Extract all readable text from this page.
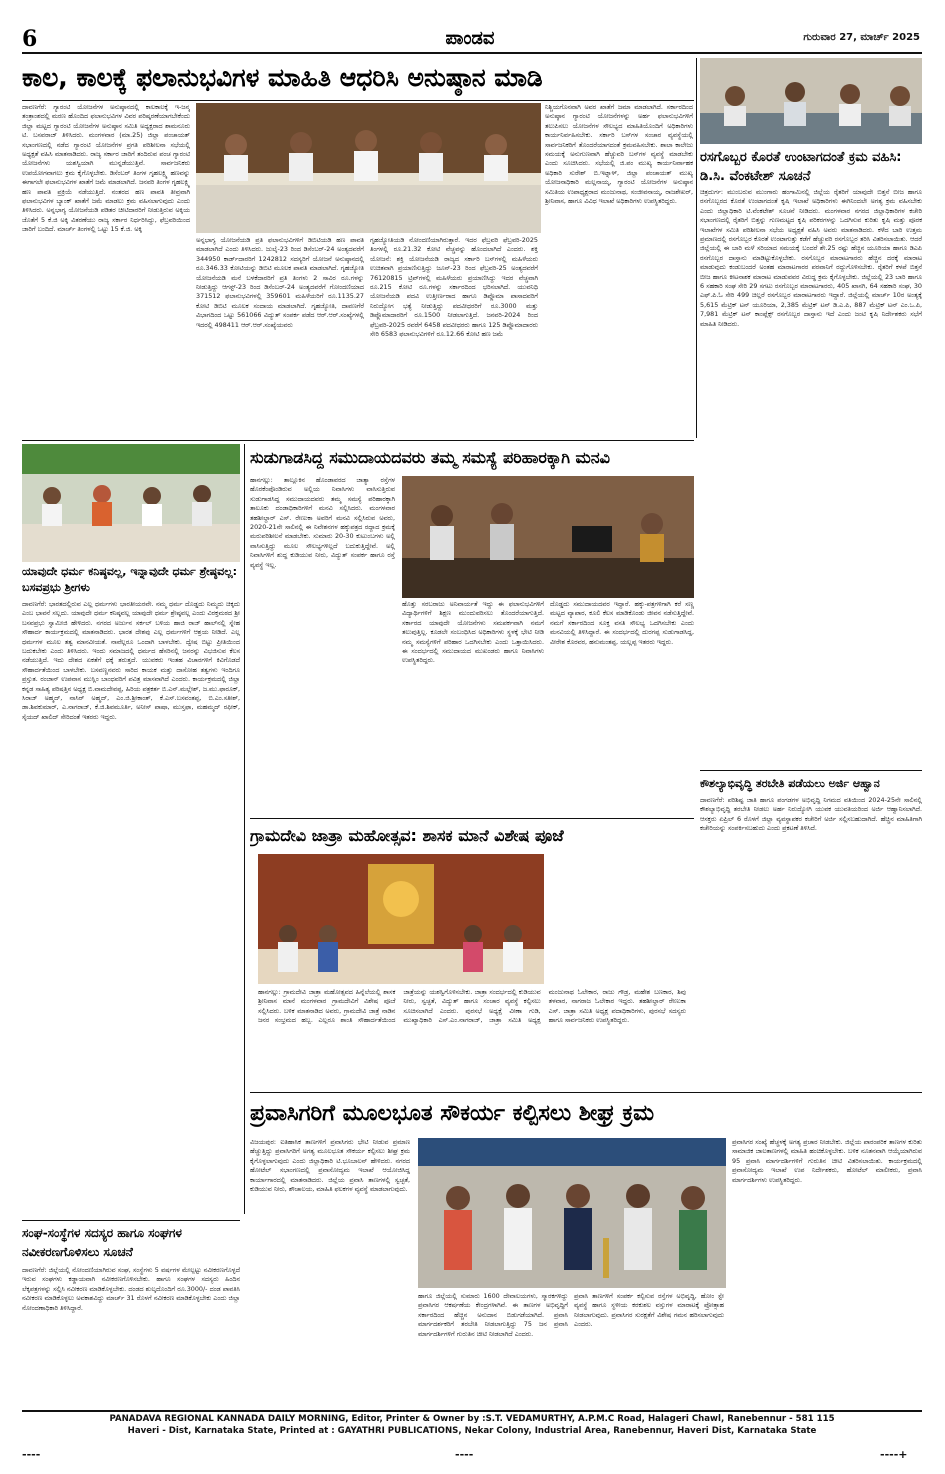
6	ಪಾಂಡವ	ಗುರುವಾರ 27, ಮಾರ್ಚ್ 2025
ಕಾಲ, ಕಾಲಕ್ಕೆ ಫಲಾನುಭವಿಗಳ ಮಾಹಿತಿ ಆಧರಿಸಿ ಅನುಷ್ಠಾನ ಮಾಡಿ
ದಾವಣಗೆರೆ: ಗ್ಯಾರಂಟಿ ಯೋಜನೆಗಳ ಅನುಷ್ಠಾನದಲ್ಲಿ ಕಾಲಕಾಲಕ್ಕೆ ಇ-ಜನ್ಮ ತಂತ್ರಾಂಶದಲ್ಲಿ ಮರಣ ಹೊಂದಿದ ಫಲಾನುಭವಿಗಳ ವಿವರ ಪರಿಷ್ಕರಣೆಯಾಗಬೇಕೆಂದು ಜಿಲ್ಲಾ ಮಟ್ಟದ ಗ್ಯಾರಂಟಿ ಯೋಜನೆಗಳ ಅನುಷ್ಠಾನ ಸಮಿತಿ ಅಧ್ಯಕ್ಷರಾದ ಶಾಮನೂರು ಟಿ. ಬಸವರಾಜ್ ತಿಳಿಸಿದರು. ಮಂಗಳವಾರ (ಮಾ.25) ಜಿಲ್ಲಾ ಪಂಚಾಯತ್ ಸಭಾಂಗಣದಲ್ಲಿ ನಡೆದ ಗ್ಯಾರಂಟಿ ಯೋಜನೆಗಳ ಪ್ರಗತಿ ಪರಿಶೀಲನಾ ಸಭೆಯಲ್ಲಿ ಅಧ್ಯಕ್ಷತೆ ವಹಿಸಿ ಮಾತನಾಡಿದರು. ರಾಜ್ಯ ಸರ್ಕಾರ ಜಾರಿಗೆ ತಂದಿರುವ ಪಂಚ ಗ್ಯಾರಂಟಿ ಯೋಜನೆಗಳು ಯಶಸ್ವಿಯಾಗಿ ಮುನ್ನಡೆಯುತ್ತಿವೆ. ಸಾರ್ವಜನಿಕರು ಉಪಯೋಗವಾಗಲು ಕ್ರಮ ಕೈಗೊಳ್ಳಬೇಕು. ಡಿಸೆಂಬರ್ ತಿಂಗಳ ಗೃಹಲಕ್ಷ್ಮಿ ಹಣವನ್ನು ಈಗಾಗಲೇ ಫಲಾನುಭವಿಗಳ ಖಾತೆಗೆ ಜಮೆ ಮಾಡಲಾಗಿದೆ. ಜನವರಿ ತಿಂಗಳ ಗೃಹಲಕ್ಷ್ಮಿ ಹಣ ಪಾವತಿ ಪ್ರಕ್ರಿಯೆ ನಡೆಯುತ್ತಿದೆ. ನಂತರದ ಹಣ ಪಾವತಿ ತೀವ್ರವಾಗಿ ಫಲಾನುಭವಿಗಳ ಬ್ಯಾಂಕ್ ಖಾತೆಗೆ ಜಮೆ ಮಾಡಲು ಕ್ರಮ ವಹಿಸಲಾಗುವುದು ಎಂದು ತಿಳಿಸಿದರು. ಅನ್ನಭಾಗ್ಯ ಯೋಜನೆಯಡಿ ಪಡಿತರ ಚೀಟಿದಾರರಿಗೆ ನೀಡುತ್ತಿರುವ ಅಕ್ಕಿಯ ಜೊತೆಗೆ 5 ಕೆ.ಜಿ ಅಕ್ಕಿ ವಿತರಣೆಯು ರಾಜ್ಯ ಸರ್ಕಾರ ನಿರ್ಧರಿಸಿದ್ದು, ಫೆಬ್ರವರಿಯಿಂದ ಜಾರಿಗೆ ಬಂದಿದೆ. ಮಾರ್ಚ್ ತಿಂಗಳಲ್ಲಿ ಒಟ್ಟು 15 ಕೆ.ಜಿ. ಅಕ್ಕಿ
ಅನ್ನಭಾಗ್ಯ ಯೋಜನೆಯಡಿ ಪ್ರತಿ ಫಲಾನುಭವಿಗಳಿಗೆ ಡಿಬಿಟಿಯಡಿ ಹಣ ಪಾವತಿ ಮಾಡಲಾಗಿದೆ ಎಂದು ತಿಳಿಸಿದರು. ಜುಲೈ-23 ರಿಂದ ಡಿಸೆಂಬರ್-24 ಅಂತ್ಯದವರೆಗೆ 344950 ಕಾರ್ಡ್‌ದಾರರಿಗೆ 1242812 ಸದಸ್ಯರಿಗೆ ಯೋಜನೆ ಅನುಷ್ಠಾನದಲ್ಲಿ ರೂ.346.33 ಕೋಟಿಯನ್ನು ಡಿಬಿಟಿ ಮೂಲಕ ಪಾವತಿ ಮಾಡಲಾಗಿದೆ. ಗೃಹಜ್ಯೋತಿ ಯೋಜನೆಯಡಿ ಮನೆ ಬಳಕೆದಾರರಿಗೆ ಪ್ರತಿ ತಿಂಗಳು 2 ಸಾವಿರ ರೂ.ಗಳನ್ನು ನೀಡುತ್ತಿದ್ದು ಆಗಸ್ಟ್-23 ರಿಂದ ಡಿಸೆಂಬರ್-24 ಅಂತ್ಯದವರೆಗೆ ಗೋಂದಣಿಯಾದ 371512 ಫಲಾನುಭವಿಗಳಲ್ಲಿ 359601 ಮಹಿಳೆಯರಿಗೆ ರೂ.1135.27 ಕೋಟಿ ಡಿಬಿಟಿ ಮೂಲಕ ಸಂದಾಯ ಮಾಡಲಾಗಿದೆ. ಗೃಹಜ್ಯೋತಿ, ದಾವಣಗೆರೆ ವಿಭಾಗದಿಂದ ಒಟ್ಟು 561066 ವಿದ್ಯುತ್ ಸಂಪರ್ಕ ಪಡೆದ ಆರ್.ಆರ್.ಸಂಖ್ಯೆಗಳಲ್ಲಿ ಇದರಲ್ಲಿ 498411 ಆರ್.ಆರ್.ಸಂಖ್ಯೆಯವರು
ಗೃಹಜ್ಯೋತಿಯಡಿ ನೋಂದಣಿಯಾಗಿರುತ್ತಾರೆ. ಇದರ ಫೆಬ್ರವರಿ ಫೆಬ್ರವರಿ-2025 ತಿಂಗಳಲ್ಲಿ ರೂ.21.32 ಕೋಟಿ ವೆಚ್ಚವನ್ನು ಹೊಂದಲಾಗಿದೆ ಎಂದರು. ಶಕ್ತಿ ಯೋಜನೆ: ಶಕ್ತಿ ಯೋಜನೆಯಡಿ ರಾಜ್ಯದ ಸರ್ಕಾರಿ ಬಸ್‌ಗಳಲ್ಲಿ ಮಹಿಳೆಯರು ಉಚಿತವಾಗಿ ಪ್ರಯಾಣಿಸುತ್ತಿದ್ದು ಜೂನ್-23 ರಿಂದ ಫೆಬ್ರವರಿ-25 ಅಂತ್ಯದವರೆಗೆ 76120815 ಟ್ರಿಪ್‌ಗಳಲ್ಲಿ ಮಹಿಳೆಯರು ಪ್ರಯಾಣಿಸಿದ್ದು ಇದರ ವೆಚ್ಚವಾಗಿ ರೂ.215 ಕೋಟಿ ರೂ.ಗಳನ್ನು ಸರ್ಕಾರದಿಂದ ಭರಿಸಲಾಗಿದೆ. ಯುವನಿಧಿ ಯೋಜನೆಯಡಿ ಪದವಿ ಉತ್ತೀರ್ಣರಾದ ಹಾಗೂ ಡಿಪ್ಲೊಮಾ ಪಾಸಾದವರಿಗೆ ನಿರುದ್ಯೋಗ ಭತ್ಯೆ ನೀಡುತ್ತಿದ್ದು ಪದವೀಧರರಿಗೆ ರೂ.3000 ಮತ್ತು ಡಿಪ್ಲೊಮಾದಾರರಿಗೆ ರೂ.1500 ನೀಡಲಾಗುತ್ತಿದೆ. ಜನವರಿ-2024 ರಿಂದ ಫೆಬ್ರವರಿ-2025 ರವರೆಗೆ 6458 ಪದವೀಧರರು ಹಾಗೂ 125 ಡಿಪ್ಲೊಮಾದಾರರು ಸೇರಿ 6583 ಫಲಾನುಭವಿಗಳಿಗೆ ರೂ.12.66 ಕೋಟಿ ಹಣ ಜಮೆ
ನಿಶ್ಚಿಯಗೊನವಾಗಿ ಅವರ ಖಾತೆಗೆ ಜಮಾ ಮಾಡಲಾಗಿದೆ. ಸರ್ಕಾರದಿಂದ ಅನುಷ್ಠಾನ ಗ್ಯಾರಂಟಿ ಯೋಜನೆಗಳನ್ನು ಅರ್ಹ ಫಲಾನುಭವಿಗಳಿಗೆ ತಲುಪಿಸಲು ಯೋಜನೆಗಳ ಸೌಲಭ್ಯದ ಮಾಹಿತಿಯೊಂದಿಗೆ ಅಧಿಕಾರಿಗಳು ಕಾರ್ಯನಿರ್ವಹಿಸಬೇಕು. ಸರ್ಕಾರಿ ಬಸ್‌ಗಳ ಸಂಚಾರ ವ್ಯವಸ್ಥೆಯಲ್ಲಿ ಸಾರ್ವಜನಿಕರಿಗೆ ತೊಂದರೆಯಾಗದಂತೆ ಕ್ರಮವಹಿಸಬೇಕು. ಶಾಲಾ ಕಾಲೇಜು ಸಮಯಕ್ಕೆ ಅನುಗುಣವಾಗಿ ಹೆಚ್ಚುವರಿ ಬಸ್‌ಗಳ ವ್ಯವಸ್ಥೆ ಮಾಡಬೇಕು ಎಂದು ಸೂಚಿಸಿದರು. ಸಭೆಯಲ್ಲಿ ಜಿ.ಪಂ ಮುಖ್ಯ ಕಾರ್ಯನಿರ್ವಾಹಕ ಅಧಿಕಾರಿ ಸುರೇಶ್ ಬಿ.ಇಟ್ನಾಳ್, ಜಿಲ್ಲಾ ಪಂಚಾಯತ್ ಮುಖ್ಯ ಯೋಜನಾಧಿಕಾರಿ ಮಲ್ಲನಾಯ್ಕ, ಗ್ಯಾರಂಟಿ ಯೋಜನೆಗಳ ಅನುಷ್ಠಾನ ಸಮಿತಿಯ ಉಪಾಧ್ಯಕ್ಷರಾದ ಮಂಜುನಾಥ, ಸಂಜೀವನಾಯ್ಕ, ರಾಜಶೇಖರ್, ಶ್ರೀನಿವಾಸ, ಹಾಗೂ ವಿವಿಧ ಇಲಾಖೆ ಅಧಿಕಾರಿಗಳು ಉಪಸ್ಥಿತರಿದ್ದರು.
ರಸಗೊಬ್ಬರ ಕೊರತೆ ಉಂಟಾಗದಂತೆ ಕ್ರಮ ವಹಿಸಿ: ಡಿ.ಸಿ. ವೆಂಕಟೇಶ್ ಸೂಚನೆ
ಚಿತ್ರದುರ್ಗ: ಮುಂಬರುವ ಮುಂಗಾರು ಹಂಗಾಮಿನಲ್ಲಿ ಜಿಲ್ಲೆಯ ರೈತರಿಗೆ ಯಾವುದೇ ಬಿತ್ತನೆ ಬೀಜ ಹಾಗೂ ರಸಗೊಬ್ಬರದ ಕೊರತೆ ಉಂಟಾಗದಂತೆ ಕೃಷಿ ಇಲಾಖೆ ಅಧಿಕಾರಿಗಳು ಈಗಿನಿಂದಲೇ ಅಗತ್ಯ ಕ್ರಮ ವಹಿಸಬೇಕು ಎಂದು ಜಿಲ್ಲಾಧಿಕಾರಿ ಟಿ.ವೆಂಕಟೇಶ್ ಸೂಚನೆ ನೀಡಿದರು. ಮಂಗಳವಾರ ನಗರದ ಜಿಲ್ಲಾಧಿಕಾರಿಗಳ ಕಚೇರಿ ಸಭಾಂಗಣದಲ್ಲಿ ರೈತರಿಗೆ ಬಿತ್ತನ್ನು ಗುಣಮಟ್ಟದ ಕೃಷಿ ಪರಿಕರಗಳನ್ನು ಒದಗಿಸುವ ಕುರಿತು ಕೃಷಿ ಮತ್ತು ಪೂರಕ ಇಲಾಖೆಗಳ ಸಮಿತಿ ಪರಿಶೀಲನಾ ಸಭೆಯ ಅಧ್ಯಕ್ಷತೆ ವಹಿಸಿ ಅವರು ಮಾತನಾಡಿದರು. ಕಳೆದ ಬಾರಿ ಉತ್ತಮ ಪ್ರಮಾಣದಲ್ಲಿ ರಸಗೊಬ್ಬರ ಕೊರತೆ ಉಂಟಾಗುತ್ತು ಕಡೆಗೆ ಹೆಚ್ಚುವರಿ ರಸಗೊಬ್ಬರ ತರಿಸಿ ವಿತರಿಸಲಾಯಿತು. ಆದರೆ ಜಿಲ್ಲೆಯಲ್ಲಿ ಈ ಬಾರಿ ಮಳೆ ಸರಿಯಾದ ಸಮಯಕ್ಕೆ ಬಂದರೆ ಶೇ.25 ರಷ್ಟು ಹೆಚ್ಚಿನ ಯೂರಿಯಾ ಹಾಗೂ ಡಿಎಪಿ ರಸಗೊಬ್ಬರ ದಾಸ್ತಾನು ಮಾಡಿಟ್ಟುಕೊಳ್ಳಬೇಕು. ರಸಗೊಬ್ಬರ ಮಾರಾಟಗಾರರು ಹೆಚ್ಚಿನ ದರಕ್ಕೆ ಮಾರಾಟ ಮಾಡುವುದು ಕಂಡುಬಂದರೆ ಅಂತಹ ಮಾರಾಟಗಾರರ ಪರವಾನಿಗೆ ರದ್ದುಗೊಳಿಸಬೇಕು. ರೈತರಿಗೆ ಕಳಪೆ ಬಿತ್ತನೆ ಬೀಜ ಹಾಗೂ ಕೀಟನಾಶಕ ಮಾರಾಟ ಮಾಡುವವರ ವಿರುದ್ಧ ಕ್ರಮ ಕೈಗೊಳ್ಳಬೇಕು. ಜಿಲ್ಲೆಯಲ್ಲಿ 23 ಬಾರಿ ಹಾಗೂ 6 ಸಹಕಾರಿ ಸಂಘ ಸೇರಿ 29 ಸಗಟು ರಸಗೊಬ್ಬರ ಮಾರಾಟಗಾರರು, 405 ಖಾಸಗಿ, 64 ಸಹಕಾರಿ ಸಂಘ, 30 ಎಫ್.ಪಿ.ಓ ಸೇರಿ 499 ಚಿಲ್ಲರೆ ರಸಗೊಬ್ಬರ ಮಾರಾಟಗಾರರು ಇದ್ದಾರೆ. ಜಿಲ್ಲೆಯಲ್ಲಿ ಮಾರ್ಚ್ 10ರ ಅಂತ್ಯಕ್ಕೆ 5,615 ಮೆಟ್ರಿಕ್ ಟನ್ ಯೂರಿಯಾ, 2,385 ಮೆಟ್ರಿಕ್ ಟನ್ ಡಿ.ಎ.ಪಿ, 887 ಮೆಟ್ರಿಕ್ ಟನ್ ಎಂ.ಒ.ಪಿ, 7,981 ಮೆಟ್ರಿಕ್ ಟನ್ ಕಾಂಪ್ಲೆಕ್ಸ್ ರಸಗೊಬ್ಬರ ದಾಸ್ತಾನು ಇದೆ ಎಂದು ಜಂಟಿ ಕೃಷಿ ನಿರ್ದೇಶಕರು ಸಭೆಗೆ ಮಾಹಿತಿ ನೀಡಿದರು.
ಯಾವುದೇ ಧರ್ಮ ಕನಿಷ್ಠವಲ್ಲ, ಇನ್ನಾವುದೇ ಧರ್ಮ ಶ್ರೇಷ್ಠವಲ್ಲ: ಬಸವಪ್ರಭು ಶ್ರೀಗಳು
ದಾವಣಗೆರೆ: ಭಾರತದಲ್ಲಿರುವ ಎಲ್ಲ ಧರ್ಮಗಳು ಭಾರತೀಯರವೇ. ನಮ್ಮ ಧರ್ಮ ದೊಡ್ಡದು ನಿಮ್ಮದು ಚಿಕ್ಕದು ಎಂಬ ಭಾವನೆ ಸಲ್ಲದು. ಯಾವುದೇ ಧರ್ಮ ಕನಿಷ್ಠವಲ್ಲ ಯಾವುದೇ ಧರ್ಮ ಶ್ರೇಷ್ಠವಲ್ಲ ಎಂದು ವಿರಕ್ತಮಠದ ಶ್ರೀ ಬಸವಪ್ರಭು ಸ್ವಾಮೀಜಿ ಹೇಳಿದರು. ನಗರದ ಅರ್ಜುನ ಸರ್ಕಲ್ ಬಳಿಯ ಹಾಜಿ ರಾಜ್ ಹಾಲ್‌ನಲ್ಲಿ ಸ್ನೇಹ ಸೌಹಾರ್ದ ಕಾರ್ಯಕ್ರಮದಲ್ಲಿ ಮಾತನಾಡಿದರು. ಭಾರತ ದೇಶವು ಎಲ್ಲ ಧರ್ಮಗಳಿಗೆ ಆಶ್ರಯ ನೀಡಿದೆ. ಎಲ್ಲ ಧರ್ಮಗಳ ಮೂಲ ತತ್ವ ಮಾನವೀಯತೆ. ನಾವೆಲ್ಲರೂ ಒಂದಾಗಿ ಬಾಳಬೇಕು. ದ್ವೇಷ ಬಿಟ್ಟು ಪ್ರೀತಿಯಿಂದ ಬದುಕಬೇಕು ಎಂದು ತಿಳಿಸಿದರು. ಇಂದು ಸಮಾಜದಲ್ಲಿ ಧರ್ಮದ ಹೆಸರಿನಲ್ಲಿ ಜನರನ್ನು ವಿಭಜಿಸುವ ಕೆಲಸ ನಡೆಯುತ್ತಿದೆ. ಇದು ದೇಶದ ಏಕತೆಗೆ ಧಕ್ಕೆ ತರುತ್ತದೆ. ಯುವಕರು ಇಂತಹ ವಿಚಾರಗಳಿಗೆ ಕಿವಿಗೊಡದೆ ಸೌಹಾರ್ದತೆಯಿಂದ ಬಾಳಬೇಕು. ಬಸವಣ್ಣನವರು ಸಾರಿದ ಕಾಯಕ ಮತ್ತು ದಾಸೋಹ ತತ್ವಗಳು ಇಂದಿಗೂ ಪ್ರಸ್ತುತ. ರಂಜಾನ್ ಉಪವಾಸ ಮುಸ್ಲಿಂ ಬಾಂಧವರಿಗೆ ಪವಿತ್ರ ಮಾಸವಾಗಿದೆ ಎಂದರು. ಕಾರ್ಯಕ್ರಮದಲ್ಲಿ ಜಿಲ್ಲಾ ಕನ್ನಡ ಸಾಹಿತ್ಯ ಪರಿಷತ್ತಿನ ಅಧ್ಯಕ್ಷ ಬಿ.ವಾಮದೇವಪ್ಪ, ಹಿರಿಯ ಪತ್ರಕರ್ತ ಬಿ.ಎನ್.ಮಲ್ಲೇಶ್, ಜ.ಮು.ಫಾರೂಕ್, ಸಿರಾಜ್ ಅಹ್ಮದ್, ನಾಸಿರ್ ಅಹ್ಮದ್, ಎಂ.ಜಿ.ಶ್ರೀಕಾಂತ್, ಕೆ.ಎಸ್.ಬಸವಂತಪ್ಪ, ಬಿ.ಎಂ.ಸತೀಶ್, ಡಾ.ಶಿವಕುಮಾರ್, ಎ.ನಾಗರಾಜ್, ಕೆ.ಜಿ.ಶಿವಮೂರ್ತಿ, ಅನೀಸ್ ಪಾಷಾ, ಮುಸ್ತಫಾ, ಮಹಮ್ಮದ್ ರಫೀಕ್, ಸೈಯದ್ ಖಾಲಿದ್ ಸೇರಿದಂತೆ ಇತರರು ಇದ್ದರು.
ಸುಡುಗಾಡಸಿದ್ದ ಸಮುದಾಯದವರು ತಮ್ಮ ಸಮಸ್ಯೆ ಪರಿಹಾರಕ್ಕಾಗಿ ಮನವಿ
ಹಾನಗಲ್ಲು: ತಾಲ್ಲೂಕಿನ ಹೊಂಡಾವರದ ಜಾತ್ಯಾ ರಸ್ತೆಗಳ ಹೊರಕೆಂಪೊಂಡಿರುವ ಅಲ್ಲಿಯ ನಿವಾಸಿಗಳು ವಾಸಿಸುತ್ತಿರುವ ಸುಡುಗಾಡಸಿದ್ದ ಸಮುದಾಯದವರು ತಮ್ಮ ಸಮಸ್ಯೆ ಪರಿಹಾರಕ್ಕಾಗಿ ತಾಲೂಕು ದಂಡಾಧಿಕಾರಿಗಳಿಗೆ ಮನವಿ ಸಲ್ಲಿಸಿದರು. ಮಂಗಳವಾರ ತಹಶೀಲ್ದಾರ್ ಎಸ್. ರೇಣುಕಾ ಅವರಿಗೆ ಮನವಿ ಸಲ್ಲಿಸಿರುವ ಅವರು, 2020-21ನೇ ಸಾಲಿನಲ್ಲಿ ಈ ನಿವೇಶನಗಳ ಹಕ್ಕುಪತ್ರದ ರದ್ದಾದ ಕ್ರಮಕ್ಕೆ ಮರುಪರಿಶೀಲನೆ ಮಾಡಬೇಕು. ಸುಮಾರು 20-30 ಕುಟುಂಬಗಳು ಅಲ್ಲಿ ವಾಸಿಸುತ್ತಿದ್ದು ಮೂಲ ಸೌಲಭ್ಯಗಳಿಲ್ಲದೆ ಬದುಕುತ್ತಿದ್ದೇವೆ. ಅಲ್ಲಿ ನಿವಾಸಿಗಳಿಗೆ ಶುದ್ಧ ಕುಡಿಯುವ ನೀರು, ವಿದ್ಯುತ್ ಸಂಪರ್ಕ ಹಾಗೂ ರಸ್ತೆ ವ್ಯವಸ್ಥೆ ಇಲ್ಲ.
ಹೊತ್ತು ಸರಬರಾಜು ಅನಿವಾರ್ಯತೆ ಇದ್ದು ಈ ಫಲಾನುಭವಿಗಳಿಗೆ ವಿದ್ಯಾರ್ಥಿಗಳಿಗೆ ಶಿಕ್ಷಣ ಮುಂದುವರಿಸಲು ತೊಂದರೆಯಾಗುತ್ತಿದೆ. ಸರ್ಕಾರದ ಯಾವುದೇ ಯೋಜನೆಗಳು ಸಮಪರ್ಕವಾಗಿ ನಮಗೆ ತಲುಪುತ್ತಿಲ್ಲ. ಕೂಡಲೇ ಸಂಬಂಧಿಸಿದ ಅಧಿಕಾರಿಗಳು ಸ್ಥಳಕ್ಕೆ ಭೇಟಿ ನೀಡಿ ನಮ್ಮ ಸಮಸ್ಯೆಗಳಿಗೆ ಪರಿಹಾರ ಒದಗಿಸಬೇಕು ಎಂದು ಒತ್ತಾಯಿಸಿದರು. ಈ ಸಂದರ್ಭದಲ್ಲಿ ಸಮುದಾಯದ ಮುಖಂಡರು ಹಾಗೂ ನಿವಾಸಿಗಳು ಉಪಸ್ಥಿತರಿದ್ದರು.
ದೊಡ್ಡದು ಸಮುದಾಯದವರ ಇದ್ದಾರೆ. ಹಕ್ಕು-ಪತ್ರಗಳಿಗಾಗಿ ಕರೆ ಸಣ್ಣ ಮಟ್ಟದ ವ್ಯಾಪಾರ, ಕೂಲಿ ಕೆಲಸ ಮಾಡಿಕೊಂಡು ಜೀವನ ನಡೆಸುತ್ತಿದ್ದೇವೆ. ನಮಗೆ ಸರ್ಕಾರದಿಂದ ಸೂಕ್ತ ವಸತಿ ಸೌಲಭ್ಯ ಒದಗಿಸಬೇಕು ಎಂದು ಮನವಿಯಲ್ಲಿ ತಿಳಿಸಿದ್ದಾರೆ. ಈ ಸಂದರ್ಭದಲ್ಲಿ ದುರಗಪ್ಪ ಸುಡುಗಾಡಸಿದ್ದ, ವೀರೇಶ ಕೊರವರ, ಹನುಮಂತಪ್ಪ, ಯಲ್ಲಪ್ಪ ಇತರರು ಇದ್ದರು.
ಗ್ರಾಮದೇವಿ ಜಾತ್ರಾ ಮಹೋತ್ಸವ: ಶಾಸಕ ಮಾನೆ ವಿಶೇಷ ಪೂಜೆ
ಹಾನಗಲ್ಲು: ಗ್ರಾಮದೇವಿ ಜಾತ್ರಾ ಮಹೋತ್ಸವದ ಹಿನ್ನೆಲೆಯಲ್ಲಿ ಶಾಸಕ ಶ್ರೀನಿವಾಸ ಮಾನೆ ಮಂಗಳವಾರ ಗ್ರಾಮದೇವಿಗೆ ವಿಶೇಷ ಪೂಜೆ ಸಲ್ಲಿಸಿದರು. ಬಳಿಕ ಮಾತನಾಡಿದ ಅವರು, ಗ್ರಾಮದೇವಿ ಜಾತ್ರೆ ನಾಡಿನ ಜನರ ಸಂಭ್ರಮದ ಹಬ್ಬ. ಎಲ್ಲರೂ ಶಾಂತಿ ಸೌಹಾರ್ದತೆಯಿಂದ ಜಾತ್ರೆಯನ್ನು ಯಶಸ್ವಿಗೊಳಿಸಬೇಕು. ಜಾತ್ರಾ ಸಂದರ್ಭದಲ್ಲಿ ಕುಡಿಯುವ ನೀರು, ಸ್ವಚ್ಛತೆ, ವಿದ್ಯುತ್ ಹಾಗೂ ಸಂಚಾರ ವ್ಯವಸ್ಥೆ ಕಲ್ಪಿಸಲು ಸೂಚಿಸಲಾಗಿದೆ ಎಂದರು. ಪುರಸಭೆ ಅಧ್ಯಕ್ಷೆ ವೀಣಾ ಗುಡಿ, ಮುಖ್ಯಾಧಿಕಾರಿ ಎಸ್.ಎಂ.ನಾಗರಾಜ್, ಜಾತ್ರಾ ಸಮಿತಿ ಅಧ್ಯಕ್ಷ ಮಂಜುನಾಥ ಓಲೇಕಾರ, ರಾಜು ಗೌಡ್ರ, ಮಹೇಶ ಬಣಕಾರ, ಶಿವು ತಳವಾರ, ನಾಗರಾಜ ಓಲೇಕಾರ ಇದ್ದರು. ತಹಶೀಲ್ದಾರ್ ರೇಣುಕಾ ಎಸ್. ಜಾತ್ರಾ ಸಮಿತಿ ಅಧ್ಯಕ್ಷ ಪದಾಧಿಕಾರಿಗಳು, ಪುರಸಭೆ ಸದಸ್ಯರು ಹಾಗೂ ಸಾರ್ವಜನಿಕರು ಉಪಸ್ಥಿತರಿದ್ದರು.
ಕೌಶಲ್ಯಾಭಿವೃದ್ಧಿ ತರಬೇತಿ ಪಡೆಯಲು ಅರ್ಜಿ ಆಹ್ವಾನ
ದಾವಣಗೆರೆ: ಪರಿಶಿಷ್ಟ ಜಾತಿ ಹಾಗೂ ಪಂಗಡಗಳ ಅಭಿವೃದ್ಧಿ ನಿಗಮದ ವತಿಯಿಂದ 2024-25ನೇ ಸಾಲಿನಲ್ಲಿ ಕೌಶಲ್ಯಾಭಿವೃದ್ಧಿ ತರಬೇತಿ ನೀಡಲು ಅರ್ಹ ನಿರುದ್ಯೋಗಿ ಯುವಕ ಯುವತಿಯರಿಂದ ಅರ್ಜಿ ಆಹ್ವಾನಿಸಲಾಗಿದೆ. ಆಸಕ್ತರು ಏಪ್ರಿಲ್ 6 ರೊಳಗೆ ಜಿಲ್ಲಾ ವ್ಯವಸ್ಥಾಪಕರ ಕಚೇರಿಗೆ ಅರ್ಜಿ ಸಲ್ಲಿಸಬಹುದಾಗಿದೆ. ಹೆಚ್ಚಿನ ಮಾಹಿತಿಗಾಗಿ ಕಚೇರಿಯನ್ನು ಸಂಪರ್ಕಿಸಬಹುದು ಎಂದು ಪ್ರಕಟಣೆ ತಿಳಿಸಿದೆ.
ಸಂಘ-ಸಂಸ್ಥೆಗಳ ಸದಸ್ಯರ ಹಾಗೂ ಸಂಘಗಳ ನವೀಕರಣಗೊಳಿಸಲು ಸೂಚನೆ
ದಾವಣಗೆರೆ: ಜಿಲ್ಲೆಯಲ್ಲಿ ನೋಂದಣಿಯಾಗಿರುವ ಸಂಘ, ಸಂಸ್ಥೆಗಳು 5 ವರ್ಷಗಳ ಮೇಲ್ಪಟ್ಟು ನವೀಕರಣಗೊಳ್ಳದೆ ಇರುವ ಸಂಘಗಳು ಕಡ್ಡಾಯವಾಗಿ ನವೀಕರಣಗೊಳಿಸಬೇಕು. ಹಾಗೂ ಸಂಘಗಳ ಸದಸ್ಯರು ಹಿಂದಿನ ಲೆಕ್ಕಪತ್ರಗಳನ್ನು ಸಲ್ಲಿಸಿ ನವೀಕರಣ ಮಾಡಿಕೊಳ್ಳಬೇಕು. ದಂಡದ ಶುಲ್ಕದೊಂದಿಗೆ ರೂ.3000/- ದಂಡ ಪಾವತಿಸಿ ನವೀಕರಣ ಮಾಡಿಕೊಳ್ಳಲು ಅವಕಾಶವಿದ್ದು ಮಾರ್ಚ್ 31 ರೊಳಗೆ ನವೀಕರಣ ಮಾಡಿಕೊಳ್ಳಬೇಕು ಎಂದು ಜಿಲ್ಲಾ ನೋಂದಣಾಧಿಕಾರಿ ತಿಳಿಸಿದ್ದಾರೆ.
ಪ್ರವಾಸಿಗರಿಗೆ ಮೂಲಭೂತ ಸೌಕರ್ಯ ಕಲ್ಪಿಸಲು ಶೀಘ್ರ ಕ್ರಮ
ವಿಜಯಪುರ: ಐತಿಹಾಸಿಕ ತಾಣಗಳಿಗೆ ಪ್ರವಾಸಿಗರು ಭೇಟಿ ನೀಡುವ ಪ್ರಮಾಣ ಹೆಚ್ಚುತ್ತಿದ್ದು ಪ್ರವಾಸಿಗರಿಗೆ ಅಗತ್ಯ ಮೂಲಭೂತ ಸೌಕರ್ಯ ಕಲ್ಪಿಸಲು ಶೀಘ್ರ ಕ್ರಮ ಕೈಗೊಳ್ಳಲಾಗುವುದು ಎಂದು ಜಿಲ್ಲಾಧಿಕಾರಿ ಟಿ.ಭೂಬಾಲನ್ ಹೇಳಿದರು. ನಗರದ ಹೋಟೆಲ್ ಸಭಾಂಗಣದಲ್ಲಿ ಪ್ರವಾಸೋದ್ಯಮ ಇಲಾಖೆ ಆಯೋಜಿಸಿದ್ದ ಕಾರ್ಯಾಗಾರದಲ್ಲಿ ಮಾತನಾಡಿದರು. ಜಿಲ್ಲೆಯ ಪ್ರವಾಸಿ ತಾಣಗಳಲ್ಲಿ ಸ್ವಚ್ಛತೆ, ಕುಡಿಯುವ ನೀರು, ಶೌಚಾಲಯ, ಮಾಹಿತಿ ಫಲಕಗಳ ವ್ಯವಸ್ಥೆ ಮಾಡಲಾಗುವುದು.
ಹಾಗೂ ಜಿಲ್ಲೆಯಲ್ಲಿ ಸುಮಾರು 1600 ದೇವಾಲಯಗಳು, ಸ್ಮಾರಕಗಳಿದ್ದು ಪ್ರವಾಸಿಗರ ಆಕರ್ಷಣೆಯ ಕೇಂದ್ರಗಳಾಗಿವೆ. ಈ ತಾಣಗಳ ಅಭಿವೃದ್ಧಿಗೆ ಸರ್ಕಾರದಿಂದ ಹೆಚ್ಚಿನ ಅನುದಾನ ಬಿಡುಗಡೆಯಾಗಿದೆ. ಪ್ರವಾಸಿ ಮಾರ್ಗದರ್ಶಕರಿಗೆ ತರಬೇತಿ ನೀಡಲಾಗುತ್ತಿದ್ದು 75 ಜನ ಪ್ರವಾಸಿ ಮಾರ್ಗದರ್ಶಿಗಳಿಗೆ ಗುರುತಿನ ಚೀಟಿ ನೀಡಲಾಗಿದೆ ಎಂದರು.
ಪ್ರವಾಸಿ ತಾಣಗಳಿಗೆ ಸಂಪರ್ಕ ಕಲ್ಪಿಸುವ ರಸ್ತೆಗಳ ಅಭಿವೃದ್ಧಿ, ಹೋಂ ಸ್ಟೇ ವ್ಯವಸ್ಥೆ ಹಾಗೂ ಸ್ಥಳೀಯ ಕರಕುಶಲ ವಸ್ತುಗಳ ಮಾರಾಟಕ್ಕೆ ಪ್ರೋತ್ಸಾಹ ನೀಡಲಾಗುವುದು. ಪ್ರವಾಸಿಗರ ಸುರಕ್ಷತೆಗೆ ವಿಶೇಷ ಗಮನ ಹರಿಸಲಾಗುವುದು ಎಂದರು.
ಪ್ರವಾಸಿಗರ ಸಂಖ್ಯೆ ಹೆಚ್ಚಳಕ್ಕೆ ಅಗತ್ಯ ಪ್ರಚಾರ ನೀಡಬೇಕು. ಜಿಲ್ಲೆಯ ಪಾರಂಪರಿಕ ತಾಣಗಳ ಕುರಿತು ಸಾಮಾಜಿಕ ಜಾಲತಾಣಗಳಲ್ಲಿ ಮಾಹಿತಿ ಹಂಚಿಕೊಳ್ಳಬೇಕು. ಬಳಿಕ ನೂತನವಾಗಿ ಆಯ್ಕೆಯಾಗಿರುವ 95 ಪ್ರವಾಸಿ ಮಾರ್ಗದರ್ಶಿಗಳಿಗೆ ಗುರುತಿನ ಚೀಟಿ ವಿತರಿಸಲಾಯಿತು. ಕಾರ್ಯಕ್ರಮದಲ್ಲಿ ಪ್ರವಾಸೋದ್ಯಮ ಇಲಾಖೆ ಉಪ ನಿರ್ದೇಶಕರು, ಹೋಟೆಲ್ ಮಾಲೀಕರು, ಪ್ರವಾಸಿ ಮಾರ್ಗದರ್ಶಿಗಳು ಉಪಸ್ಥಿತರಿದ್ದರು.
PANADAVA REGIONAL KANNADA DAILY MORNING, Editor, Printer & Owner by :S.T. VEDAMURTHY, A.P.M.C Road, Halageri Chawl, Ranebennur - 581 115
Haveri - Dist, Karnataka State, Printed at : GAYATHRI PUBLICATIONS, Nekar Colony, Industrial Area, Ranebennur, Haveri Dist, Karnataka State
----	----	----+
